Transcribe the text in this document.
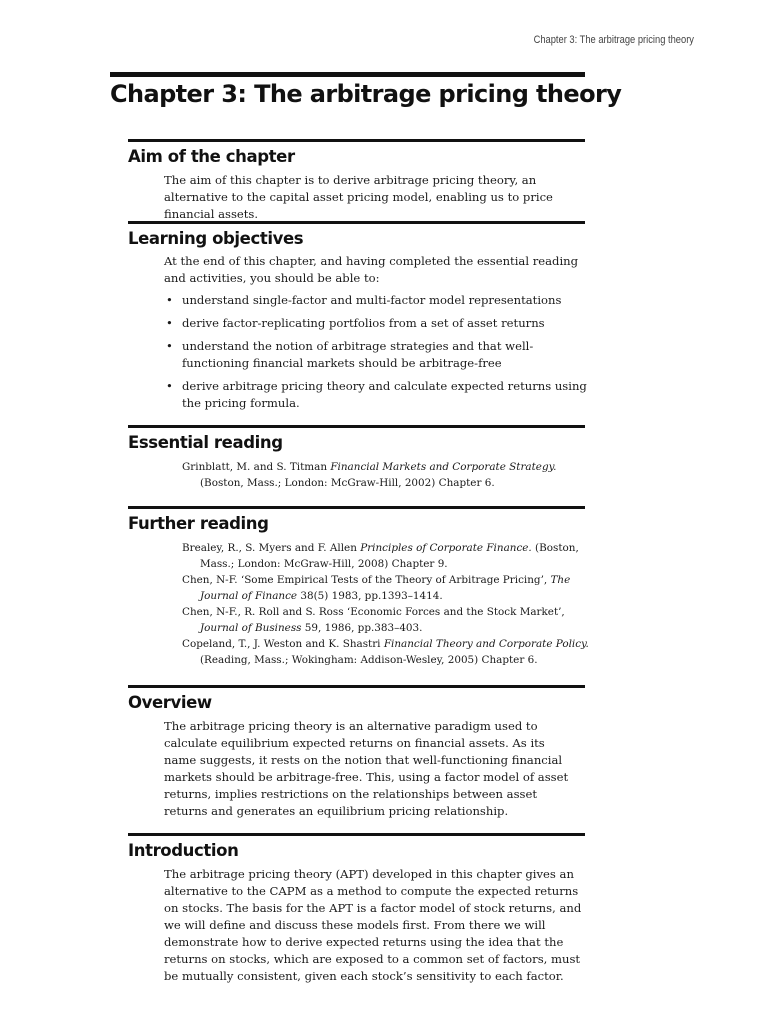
Chapter 3: The arbitrage pricing theory
Chapter 3: The arbitrage pricing theory
Aim of the chapter

The aim of this chapter is to derive arbitrage pricing theory, an alternative to the capital asset pricing model, enabling us to price financial assets.

Learning objectives

At the end of this chapter, and having completed the essential reading and activities, you should be able to:

• understand single-factor and multi-factor model representations
• derive factor-replicating portfolios from a set of asset returns
• understand the notion of arbitrage strategies and that well-functioning financial markets should be arbitrage-free
• derive arbitrage pricing theory and calculate expected returns using the pricing formula.
Essential reading
Grinblatt, M. and S. Titman Financial Markets and Corporate Strategy. (Boston, Mass.; London: McGraw-Hill, 2002) Chapter 6.
Further reading
Brealey, R., S. Myers and F. Allen Principles of Corporate Finance. (Boston, Mass.; London: McGraw-Hill, 2008) Chapter 9.
Chen, N-F. ‘Some Empirical Tests of the Theory of Arbitrage Pricing’, The Journal of Finance 38(5) 1983, pp.1393–1414.
Chen, N-F., R. Roll and S. Ross ‘Economic Forces and the Stock Market’, Journal of Business 59, 1986, pp.383–403.
Copeland, T., J. Weston and K. Shastri Financial Theory and Corporate Policy. (Reading, Mass.; Wokingham: Addison-Wesley, 2005) Chapter 6.
Overview

The arbitrage pricing theory is an alternative paradigm used to calculate equilibrium expected returns on financial assets. As its name suggests, it rests on the notion that well-functioning financial markets should be arbitrage-free. This, using a factor model of asset returns, implies restrictions on the relationships between asset returns and generates an equilibrium pricing relationship.

Introduction

The arbitrage pricing theory (APT) developed in this chapter gives an alternative to the CAPM as a method to compute the expected returns on stocks. The basis for the APT is a factor model of stock returns, and we will define and discuss these models first. From there we will demonstrate how to derive expected returns using the idea that the returns on stocks, which are exposed to a common set of factors, must be mutually consistent, given each stock’s sensitivity to each factor.
